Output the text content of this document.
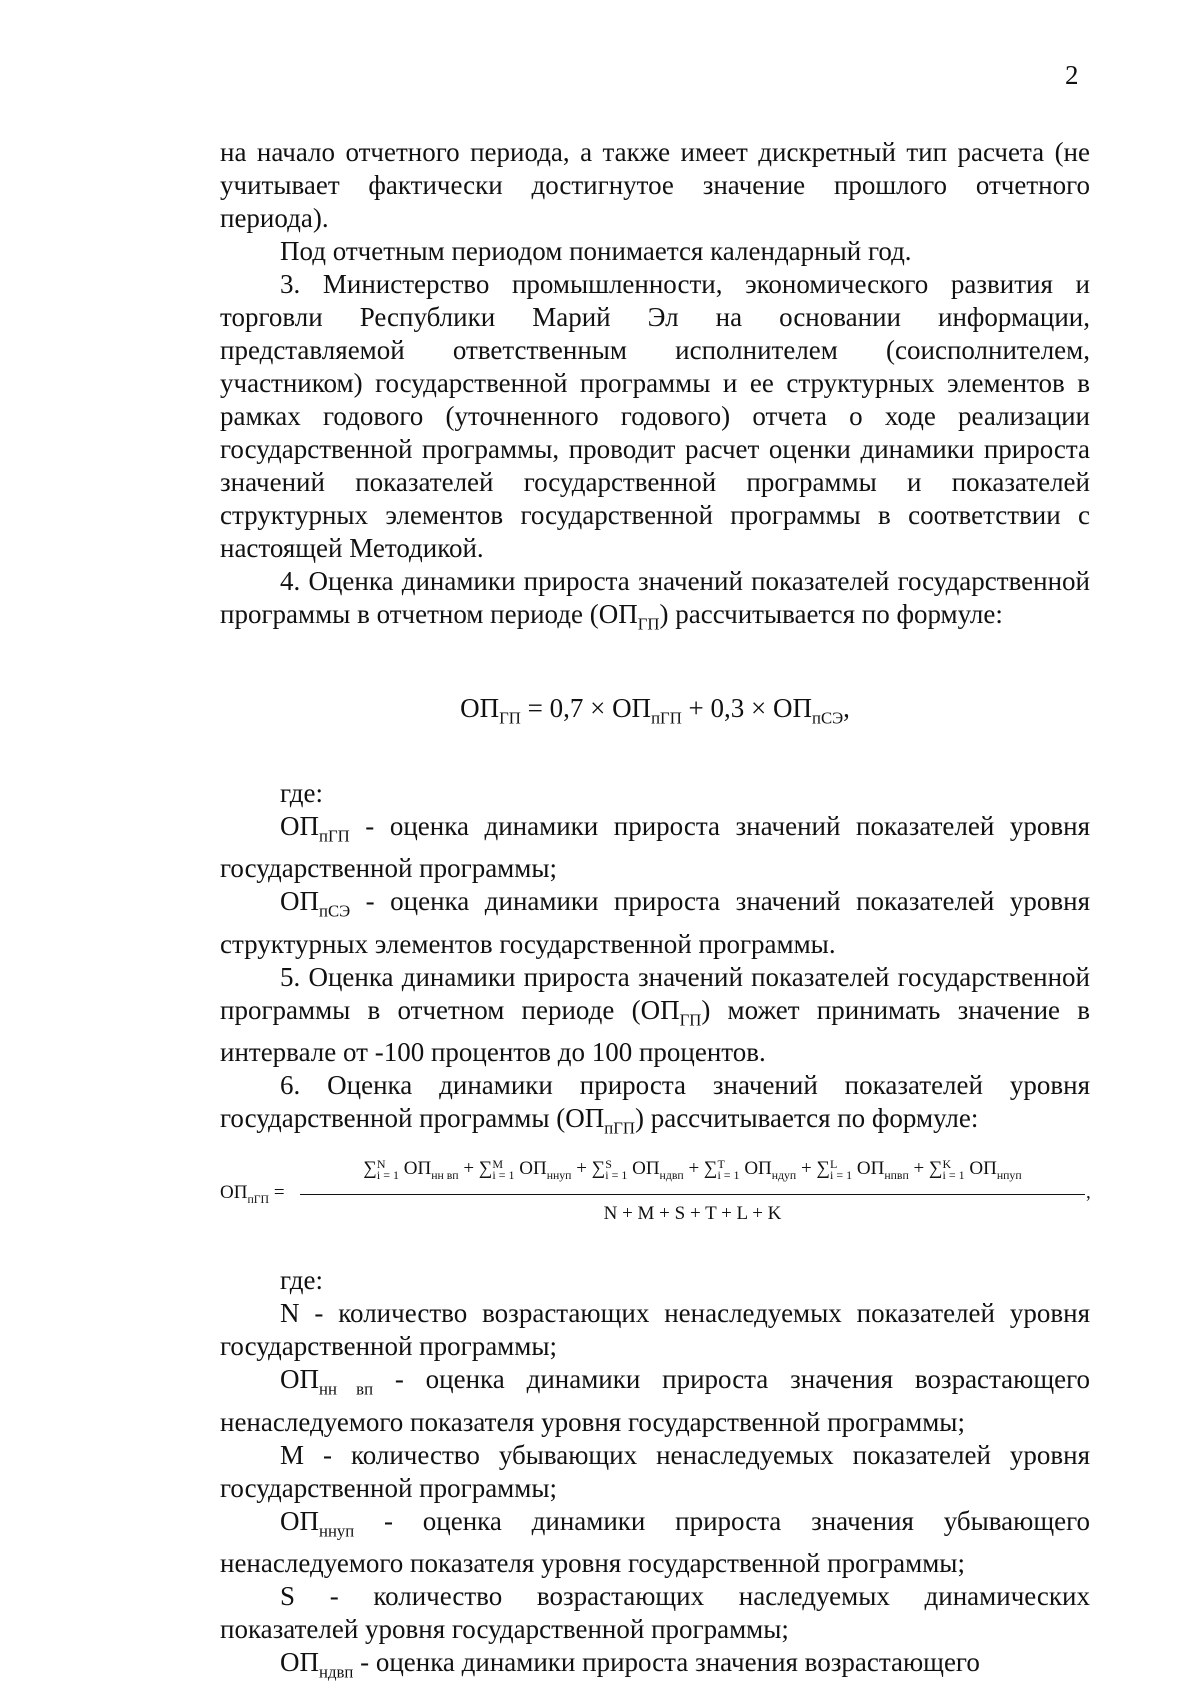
2

на начало отчетного периода, а также имеет дискретный тип расчета (не учитывает фактически достигнутое значение прошлого отчетного периода).

Под отчетным периодом понимается календарный год.

3. Министерство промышленности, экономического развития и торговли Республики Марий Эл на основании информации, представляемой ответственным исполнителем (соисполнителем, участником) государственной программы и ее структурных элементов в рамках годового (уточненного годового) отчета о ходе реализации государственной программы, проводит расчет оценки динамики прироста значений показателей государственной программы и показателей структурных элементов государственной программы в соответствии с настоящей Методикой.

4. Оценка динамики прироста значений показателей государственной программы в отчетном периоде $(ОП_{ГП})$ рассчитывается по формуле:

$ОП_{ГП} = 0,7 \times ОП_{пГП} + 0,3 \times ОП_{пСЭ}$,

где:

$ОП_{пГП}$ - оценка динамики прироста значений показателей уровня государственной программы;

$ОП_{пСЭ}$ - оценка динамики прироста значений показателей уровня структурных элементов государственной программы.

5. Оценка динамики прироста значений показателей государственной программы в отчетном периоде $(ОП_{ГП})$ может принимать значение в интервале от -100 процентов до 100 процентов.

6. Оценка динамики прироста значений показателей уровня государственной программы $(ОП_{пГП})$ рассчитывается по формуле:

$ОП_{пГП}$ =
∑N
i = 1 $ОП_{нн вп} + \sum M$
i = 1 $ОП_{ннуп} + \sum S$
i = 1 $ОП_{ндвп} + \sum T$
i = 1 $ОП_{ндуп} + \sum L$
i = 1 $ОП_{нпвп} + \sum K$
i = 1 $ОП_{нпуп}$
N + M + S + T + L + K
,

где:

N - количество возрастающих ненаследуемых показателей уровня государственной программы;

$ОП_{нн вп}$ - оценка динамики прироста значения возрастающего ненаследуемого показателя уровня государственной программы;

M - количество убывающих ненаследуемых показателей уровня государственной программы;

$ОП_{ннуп}$ - оценка динамики прироста значения убывающего ненаследуемого показателя уровня государственной программы;

S - количество возрастающих наследуемых динамических показателей уровня государственной программы;

$ОП_{ндвп}$ - оценка динамики прироста значения возрастающего
